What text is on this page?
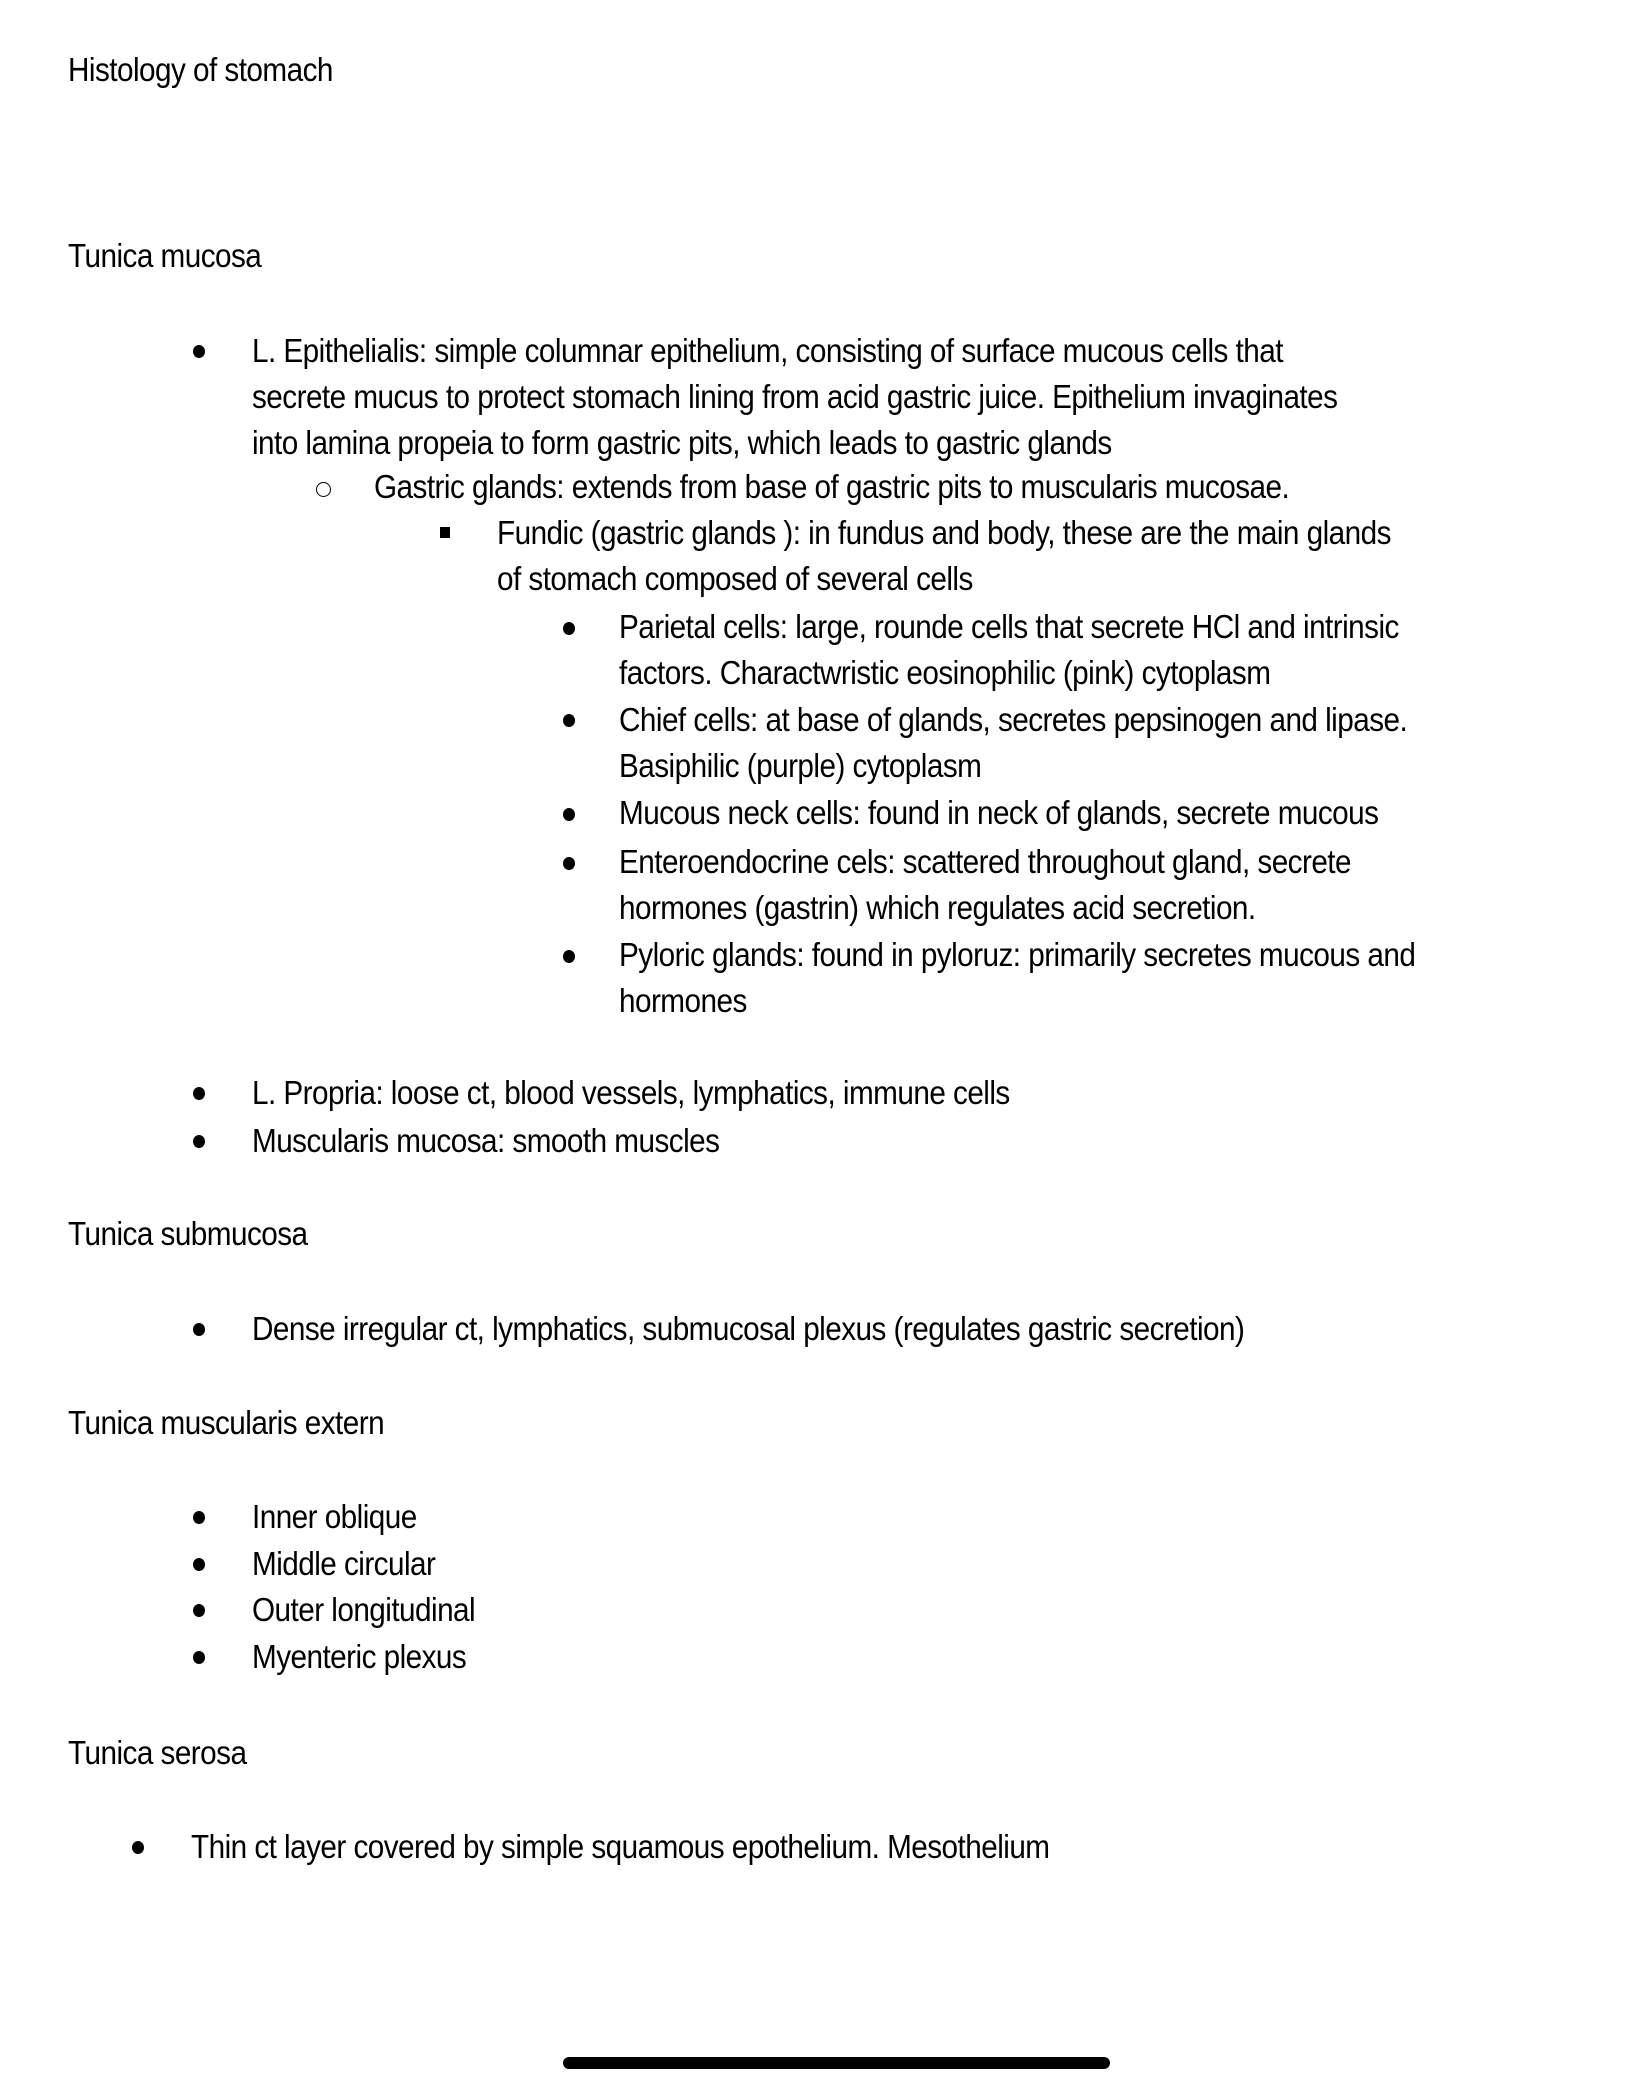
Histology of stomach
Tunica mucosa
L. Epithelialis: simple columnar epithelium, consisting of surface mucous cells that
secrete mucus to protect stomach lining from acid gastric juice. Epithelium invaginates
into lamina propeia to form gastric pits, which leads to gastric glands
Gastric glands: extends from base of gastric pits to muscularis mucosae.
Fundic (gastric glands ): in fundus and body, these are the main glands
of stomach composed of several cells
Parietal cells: large, rounde cells that secrete HCl and intrinsic
factors. Charactwristic eosinophilic (pink) cytoplasm
Chief cells: at base of glands, secretes pepsinogen and lipase.
Basiphilic (purple) cytoplasm
Mucous neck cells: found in neck of glands, secrete mucous
Enteroendocrine cels: scattered throughout gland, secrete
hormones (gastrin) which regulates acid secretion.
Pyloric glands: found in pyloruz: primarily secretes mucous and
hormones
L. Propria: loose ct, blood vessels, lymphatics, immune cells
Muscularis mucosa: smooth muscles
Tunica submucosa
Dense irregular ct, lymphatics, submucosal plexus (regulates gastric secretion)
Tunica muscularis extern
Inner oblique
Middle circular
Outer longitudinal
Myenteric plexus
Tunica serosa
Thin ct layer covered by simple squamous epothelium. Mesothelium
